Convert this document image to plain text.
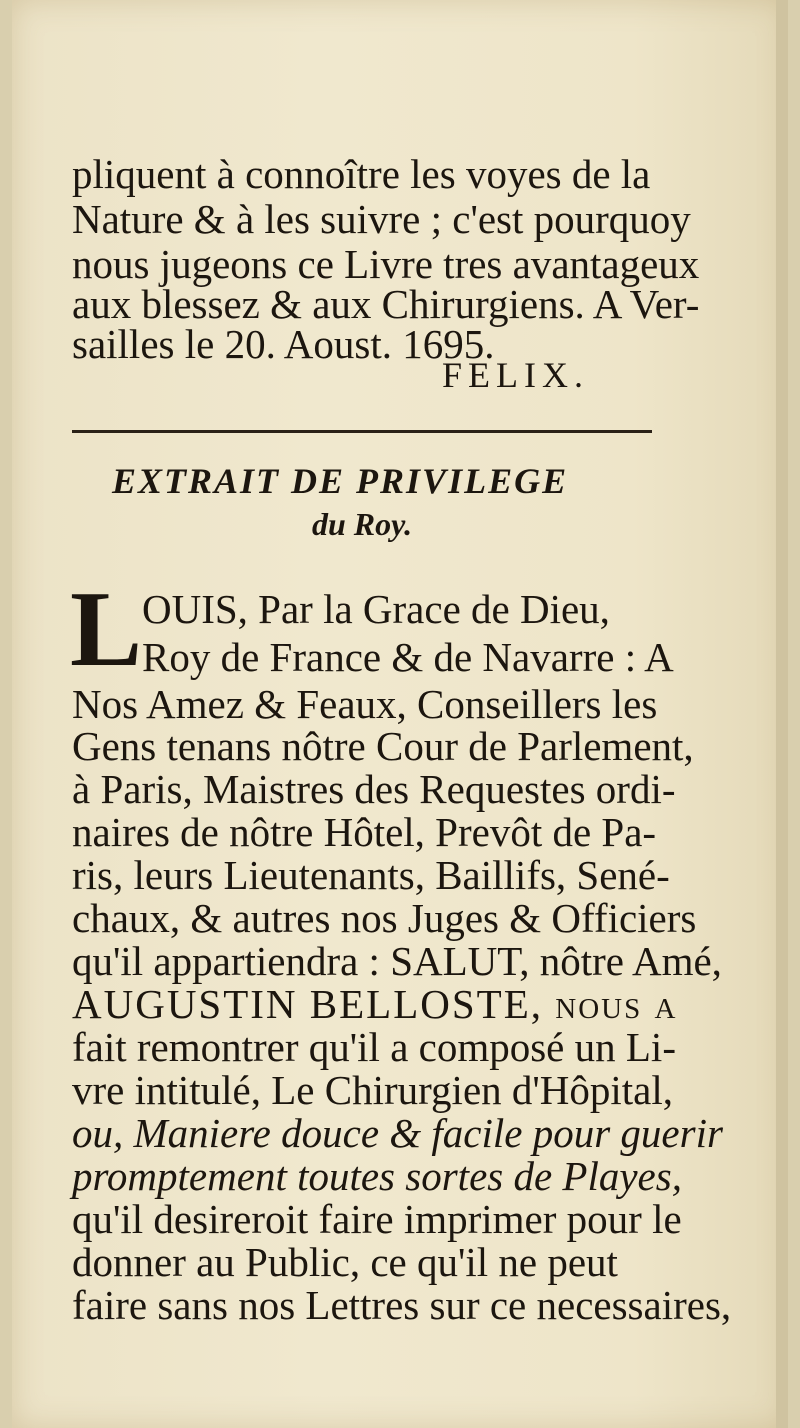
pliquent à connoître les voyes de la
Nature & à les suivre ; c'est pourquoy
nous jugeons ce Livre tres avantageux
aux blessez & aux Chirurgiens. A Ver-
sailles le 20. Aoust. 1695.
FELIX.
EXTRAIT DE PRIVILEGE
du Roy.
L OUIS, Par la Grace de Dieu,
Roy de France & de Navarre : A
Nos Amez & Feaux, Conseillers les
Gens tenans nôtre Cour de Parlement,
à Paris, Maistres des Requestes ordi-
naires de nôtre Hôtel, Prevôt de Pa-
ris, leurs Lieutenants, Baillifs, Sené-
chaux, & autres nos Juges & Officiers
qu'il appartiendra : SALUT, nôtre Amé,
AUGUSTIN BELLOSTE, nous a
fait remontrer qu'il a composé un Li-
vre intitulé, Le Chirurgien d'Hôpital,
ou, Maniere douce & facile pour guerir
promptement toutes sortes de Playes,
qu'il desireroit faire imprimer pour le
donner au Public, ce qu'il ne peut
faire sans nos Lettres sur ce necessaires,
